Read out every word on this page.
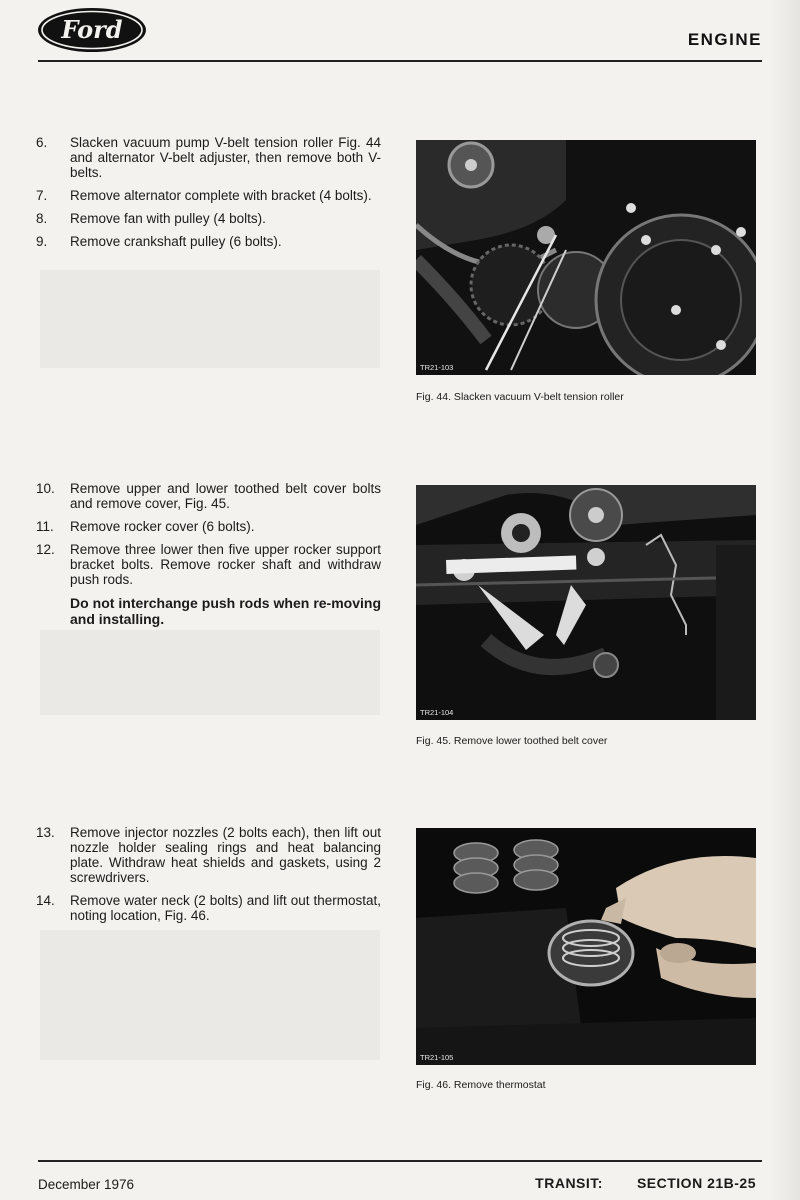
Ford	ENGINE
6.	Slacken vacuum pump V-belt tension roller Fig. 44 and alternator V-belt adjuster, then remove both V-belts.
7.	Remove alternator complete with bracket (4 bolts).
8.	Remove fan with pulley (4 bolts).
9.	Remove crankshaft pulley (6 bolts).
TR21-103
Fig. 44. Slacken vacuum V-belt tension roller
10.	Remove upper and lower toothed belt cover bolts and remove cover, Fig. 45.
11.	Remove rocker cover (6 bolts).
12.	Remove three lower then five upper rocker support bracket bolts. Remove rocker shaft and withdraw push rods.
Do not interchange push rods when re-moving and installing.
TR21-104
Fig. 45. Remove lower toothed belt cover
13.	Remove injector nozzles (2 bolts each), then lift out nozzle holder sealing rings and heat balancing plate. Withdraw heat shields and gaskets, using 2 screwdrivers.
14.	Remove water neck (2 bolts) and lift out thermostat, noting location, Fig. 46.
TR21-105
Fig. 46. Remove thermostat
December 1976	TRANSIT: SECTION 21B-25
